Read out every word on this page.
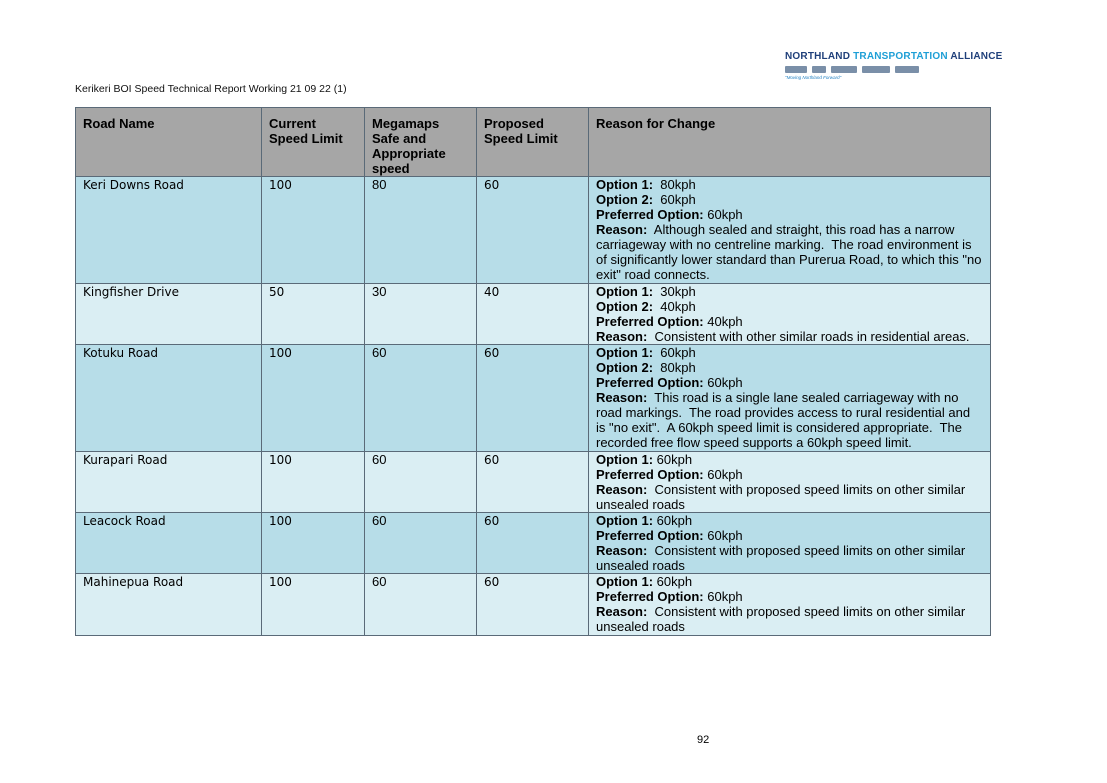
NORTHLAND TRANSPORTATION ALLIANCE
"Moving Northland Forward"
Kerikeri BOI Speed Technical Report Working 21 09 22 (1)
Road Name	Current Speed Limit	Megamaps Safe and Appropriate speed	Proposed Speed Limit	Reason for Change

Keri Downs Road	100	80	60	Option 1:  80kph
Option 2:  60kph
Preferred Option: 60kph
Reason:  Although sealed and straight, this road has a narrow carriageway with no centreline marking.  The road environment is of significantly lower standard than Purerua Road, to which this "no exit" road connects.

Kingfisher Drive	50	30	40	Option 1:  30kph
Option 2:  40kph
Preferred Option: 40kph
Reason:  Consistent with other similar roads in residential areas.

Kotuku Road	100	60	60	Option 1:  60kph
Option 2:  80kph
Preferred Option: 60kph
Reason:  This road is a single lane sealed carriageway with no road markings.  The road provides access to rural residential and is "no exit".  A 60kph speed limit is considered appropriate.  The recorded free flow speed supports a 60kph speed limit.

Kurapari Road	100	60	60	Option 1: 60kph
Preferred Option: 60kph
Reason:  Consistent with proposed speed limits on other similar unsealed roads

Leacock Road	100	60	60	Option 1: 60kph
Preferred Option: 60kph
Reason:  Consistent with proposed speed limits on other similar unsealed roads

Mahinepua Road	100	60	60	Option 1: 60kph
Preferred Option: 60kph
Reason:  Consistent with proposed speed limits on other similar unsealed roads
92
